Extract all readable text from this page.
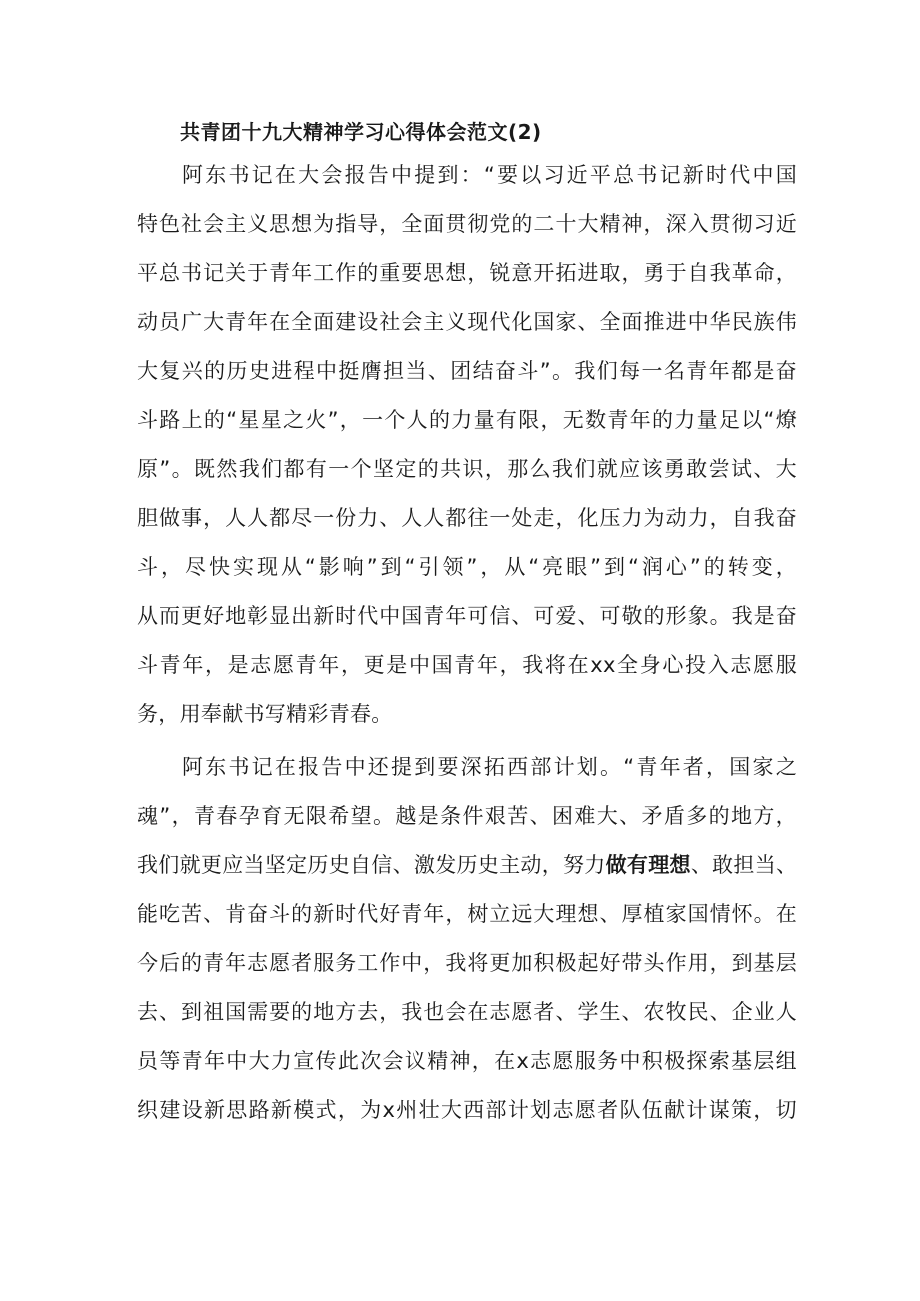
共青团十九大精神学习心得体会范文(2)
阿东书记在大会报告中提到：“要以习近平总书记新时代中国
特色社会主义思想为指导，全面贯彻党的二十大精神，深入贯彻习近
平总书记关于青年工作的重要思想，锐意开拓进取，勇于自我革命，
动员广大青年在全面建设社会主义现代化国家、全面推进中华民族伟
大复兴的历史进程中挺膺担当、团结奋斗”。我们每一名青年都是奋
斗路上的“星星之火”，一个人的力量有限，无数青年的力量足以“燎
原”。既然我们都有一个坚定的共识，那么我们就应该勇敢尝试、大
胆做事，人人都尽一份力、人人都往一处走，化压力为动力，自我奋
斗，尽快实现从“影响”到“引领”，从“亮眼”到“润心”的转变，
从而更好地彰显出新时代中国青年可信、可爱、可敬的形象。我是奋
斗青年，是志愿青年，更是中国青年，我将在xx全身心投入志愿服
务，用奉献书写精彩青春。
阿东书记在报告中还提到要深拓西部计划。“青年者，国家之
魂”，青春孕育无限希望。越是条件艰苦、困难大、矛盾多的地方，
我们就更应当坚定历史自信、激发历史主动，努力做有理想、敢担当、
能吃苦、肯奋斗的新时代好青年，树立远大理想、厚植家国情怀。在
今后的青年志愿者服务工作中，我将更加积极起好带头作用，到基层
去、到祖国需要的地方去，我也会在志愿者、学生、农牧民、企业人
员等青年中大力宣传此次会议精神，在x志愿服务中积极探索基层组
织建设新思路新模式，为x州壮大西部计划志愿者队伍献计谋策，切
